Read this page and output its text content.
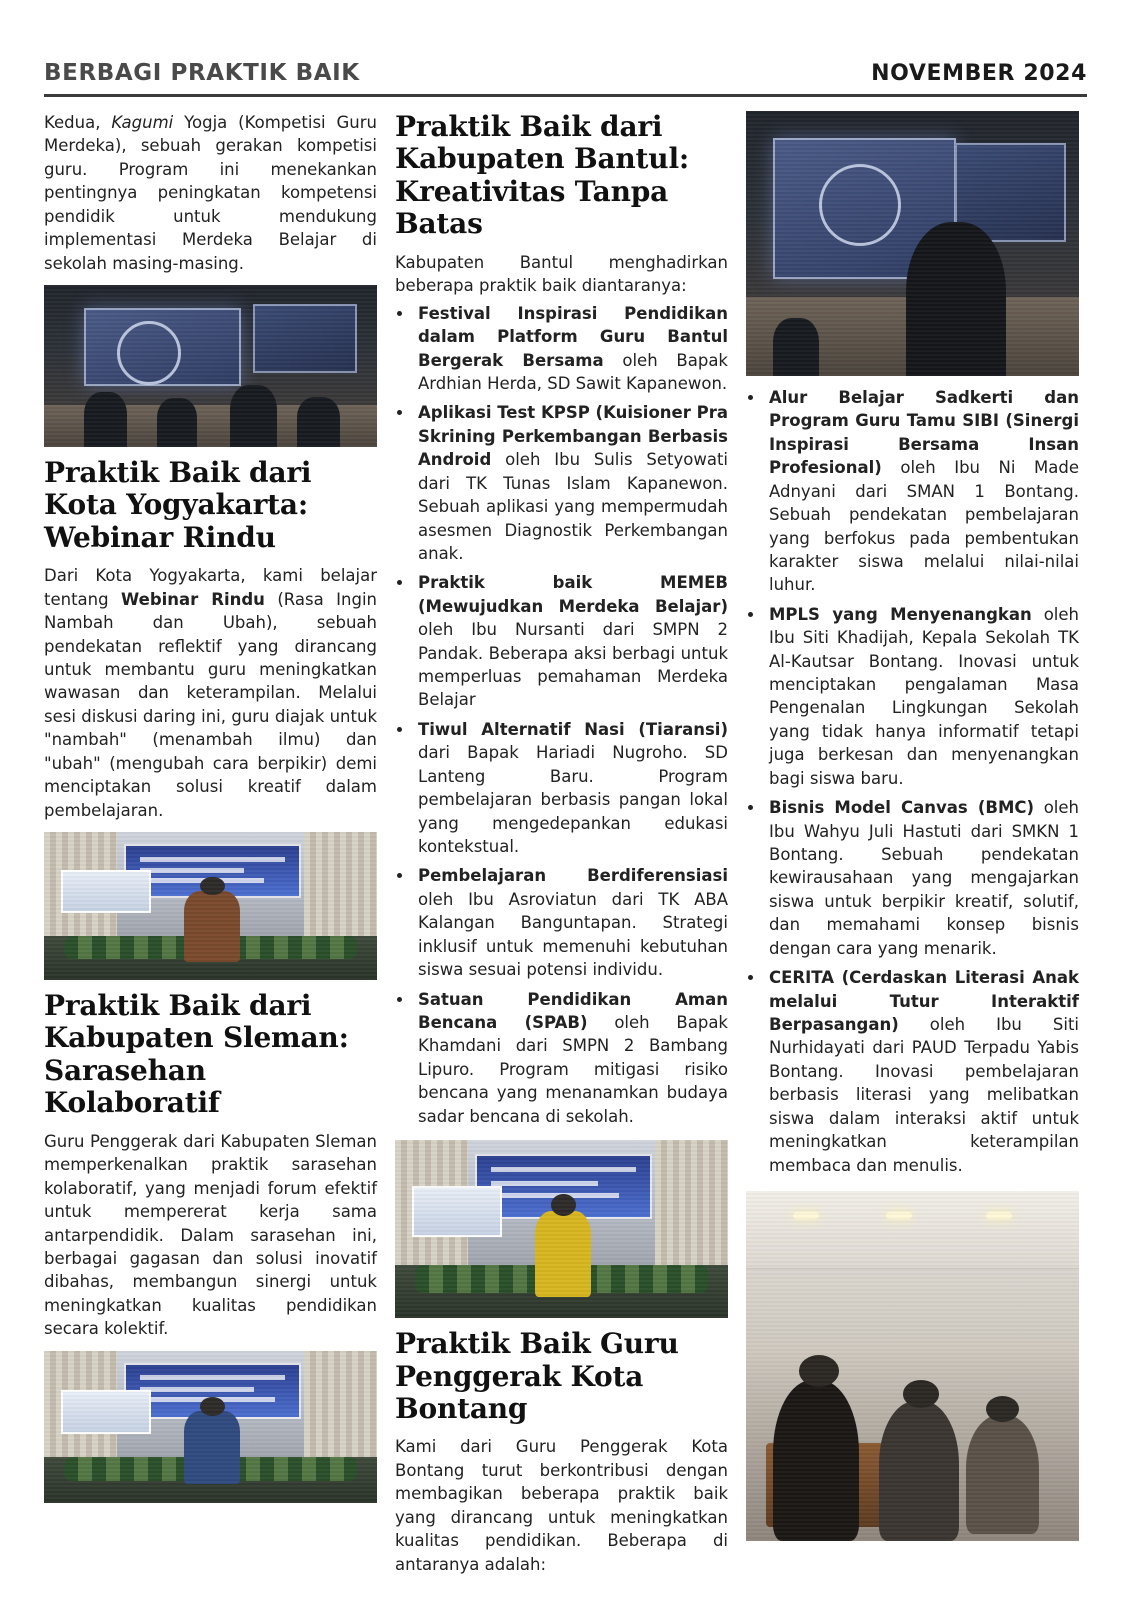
BERBAGI PRAKTIK BAIK	NOVEMBER 2024

Kedua, Kagumi Yogja (Kompetisi Guru Merdeka), sebuah gerakan kompetisi guru. Program ini menekankan pentingnya peningkatan kompetensi pendidik untuk mendukung implementasi Merdeka Belajar di sekolah masing-masing.

Praktik Baik dari Kota Yogyakarta: Webinar Rindu

Dari Kota Yogyakarta, kami belajar tentang Webinar Rindu (Rasa Ingin Nambah dan Ubah), sebuah pendekatan reflektif yang dirancang untuk membantu guru meningkatkan wawasan dan keterampilan. Melalui sesi diskusi daring ini, guru diajak untuk "nambah" (menambah ilmu) dan "ubah" (mengubah cara berpikir) demi menciptakan solusi kreatif dalam pembelajaran.

Praktik Baik dari Kabupaten Sleman: Sarasehan Kolaboratif

Guru Penggerak dari Kabupaten Sleman memperkenalkan praktik sarasehan kolaboratif, yang menjadi forum efektif untuk mempererat kerja sama antarpendidik. Dalam sarasehan ini, berbagai gagasan dan solusi inovatif dibahas, membangun sinergi untuk meningkatkan kualitas pendidikan secara kolektif.

Praktik Baik dari Kabupaten Bantul: Kreativitas Tanpa Batas

Kabupaten Bantul menghadirkan beberapa praktik baik diantaranya:

• Festival Inspirasi Pendidikan dalam Platform Guru Bantul Bergerak Bersama oleh Bapak Ardhian Herda, SD Sawit Kapanewon.
• Aplikasi Test KPSP (Kuisioner Pra Skrining Perkembangan Berbasis Android oleh Ibu Sulis Setyowati dari TK Tunas Islam Kapanewon. Sebuah aplikasi yang mempermudah asesmen Diagnostik Perkembangan anak.
• Praktik baik MEMEB (Mewujudkan Merdeka Belajar) oleh Ibu Nursanti dari SMPN 2 Pandak. Beberapa aksi berbagi untuk memperluas pemahaman Merdeka Belajar
• Tiwul Alternatif Nasi (Tiaransi) dari Bapak Hariadi Nugroho. SD Lanteng Baru. Program pembelajaran berbasis pangan lokal yang mengedepankan edukasi kontekstual.
• Pembelajaran Berdiferensiasi oleh Ibu Asroviatun dari TK ABA Kalangan Banguntapan. Strategi inklusif untuk memenuhi kebutuhan siswa sesuai potensi individu.
• Satuan Pendidikan Aman Bencana (SPAB) oleh Bapak Khamdani dari SMPN 2 Bambang Lipuro. Program mitigasi risiko bencana yang menanamkan budaya sadar bencana di sekolah.
Praktik Baik Guru Penggerak Kota Bontang

Kami dari Guru Penggerak Kota Bontang turut berkontribusi dengan membagikan beberapa praktik baik yang dirancang untuk meningkatkan kualitas pendidikan. Beberapa di antaranya adalah:

• Alur Belajar Sadkerti dan Program Guru Tamu SIBI (Sinergi Inspirasi Bersama Insan Profesional) oleh Ibu Ni Made Adnyani dari SMAN 1 Bontang. Sebuah pendekatan pembelajaran yang berfokus pada pembentukan karakter siswa melalui nilai-nilai luhur.
• MPLS yang Menyenangkan oleh Ibu Siti Khadijah, Kepala Sekolah TK Al-Kautsar Bontang. Inovasi untuk menciptakan pengalaman Masa Pengenalan Lingkungan Sekolah yang tidak hanya informatif tetapi juga berkesan dan menyenangkan bagi siswa baru.
• Bisnis Model Canvas (BMC) oleh Ibu Wahyu Juli Hastuti dari SMKN 1 Bontang. Sebuah pendekatan kewirausahaan yang mengajarkan siswa untuk berpikir kreatif, solutif, dan memahami konsep bisnis dengan cara yang menarik.
• CERITA (Cerdaskan Literasi Anak melalui Tutur Interaktif Berpasangan) oleh Ibu Siti Nurhidayati dari PAUD Terpadu Yabis Bontang. Inovasi pembelajaran berbasis literasi yang melibatkan siswa dalam interaksi aktif untuk meningkatkan keterampilan membaca dan menulis.
